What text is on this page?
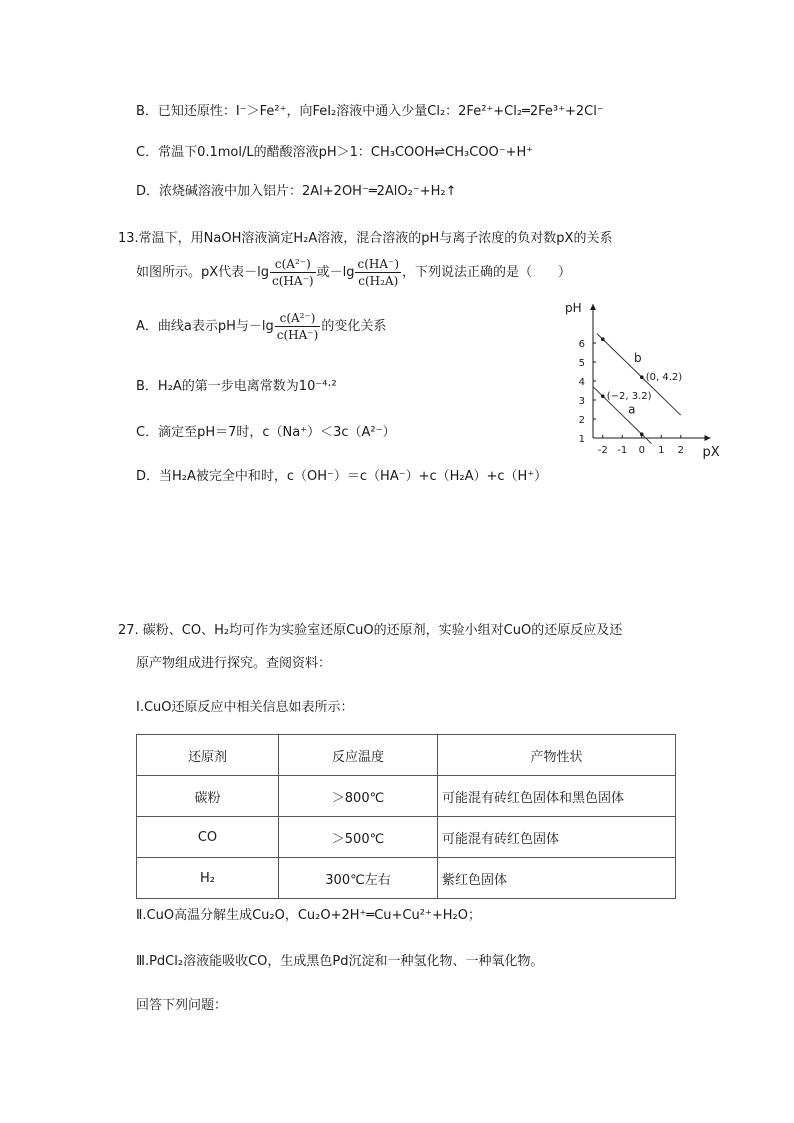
B．已知还原性：I⁻＞Fe²⁺，向FeI₂溶液中通入少量Cl₂：2Fe²⁺+Cl₂═2Fe³⁺+2Cl⁻
C．常温下0.1mol/L的醋酸溶液pH＞1：CH₃COOH⇌CH₃COO⁻+H⁺
D．浓烧碱溶液中加入铝片：2Al+2OH⁻═2AlO₂⁻+H₂↑
13.常温下，用NaOH溶液滴定H₂A溶液，混合溶液的pH与离子浓度的负对数pX的关系
如图所示。pX代表$-\lg \frac{\text{c(A²⁻)}}{c(HA^-)}$ 或$-\lg \frac{c(HA^-)}{\text{c(H₂A)}}$ ，下列说法正确的是（　　）
A．曲线a表示pH与$-\lg \frac{\text{c(A²⁻)}}{c(HA^-)}$ 的变化关系
B．H₂A的第一步电离常数为10⁻⁴·²
C．滴定至pH＝7时，c（Na⁺）＜3c（A²⁻）
D．当H₂A被完全中和时，c（OH⁻）＝c（HA⁻）+c（H₂A）+c（H⁺）
pX
pH
-2 -1 0 1 2
1
2
3
4
5
6
(0, 4.2)
(−2, 3.2)
b
a
27. 碳粉、CO、H₂均可作为实验室还原CuO的还原剂，实验小组对CuO的还原反应及还
原产物组成进行探究。查阅资料：
Ⅰ.CuO还原反应中相关信息如表所示：
还原剂	反应温度	产物性状
碳粉	＞800℃	可能混有砖红色固体和黑色固体
CO	＞500℃	可能混有砖红色固体
H₂	300℃左右	紫红色固体
Ⅱ.CuO高温分解生成Cu₂O，Cu₂O+2H⁺═Cu+Cu²⁺+H₂O；
Ⅲ.PdCl₂溶液能吸收CO，生成黑色Pd沉淀和一种氢化物、一种氧化物。
回答下列问题：
